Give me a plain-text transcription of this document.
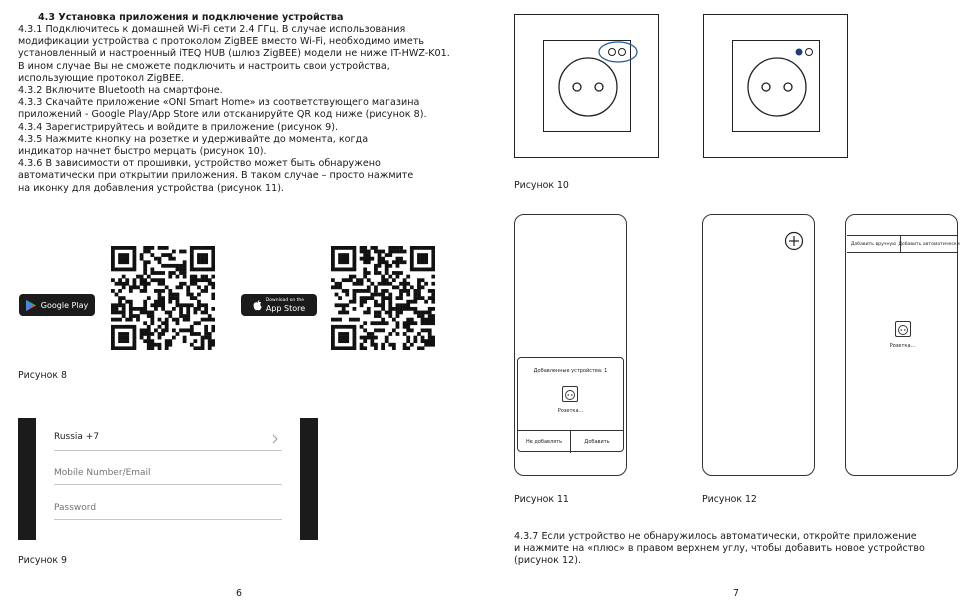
4.3 Установка приложения и подключение устройства
4.3.1 Подключитесь к домашней Wi-Fi сети 2.4 ГГц. В случае использования
модификации устройства с протоколом ZigBEE вместо Wi-Fi, необходимо иметь
установленный и настроенный iTEQ HUB (шлюз ZigBEE) модели не ниже IT-HWZ-K01.
В ином случае Вы не сможете подключить и настроить свои устройства,
использующие протокол ZigBEE.
4.3.2 Включите Bluetooth на смартфоне.
4.3.3 Скачайте приложение «ONI Smart Home» из соответствующего магазина
приложений - Google Play/App Store или отсканируйте QR код ниже (рисунок 8).
4.3.4 Зарегистрируйтесь и войдите в приложение (рисунок 9).
4.3.5 Нажмите кнопку на розетке и удерживайте до момента, когда
индикатор начнет быстро мерцать (рисунок 10).
4.3.6 В зависимости от прошивки, устройство может быть обнаружено
автоматически при открытии приложения. В таком случае – просто нажмите
на иконку для добавления устройства (рисунок 11).
Google Play	Download on the
App Store
Рисунок 8
Russia +7
Mobile Number/Email
Рисунок 9
6
Рисунок 10
Добавленные устройства: 1
Розетка...
Не добавлять	Добавить
Добавить вручную Добавить автоматически
Розетка...
Рисунок 11	Рисунок 12
4.3.7 Если устройство не обнаружилось автоматически, откройте приложение
и нажмите на «плюс» в правом верхнем углу, чтобы добавить новое устройство
(рисунок 12).
7
